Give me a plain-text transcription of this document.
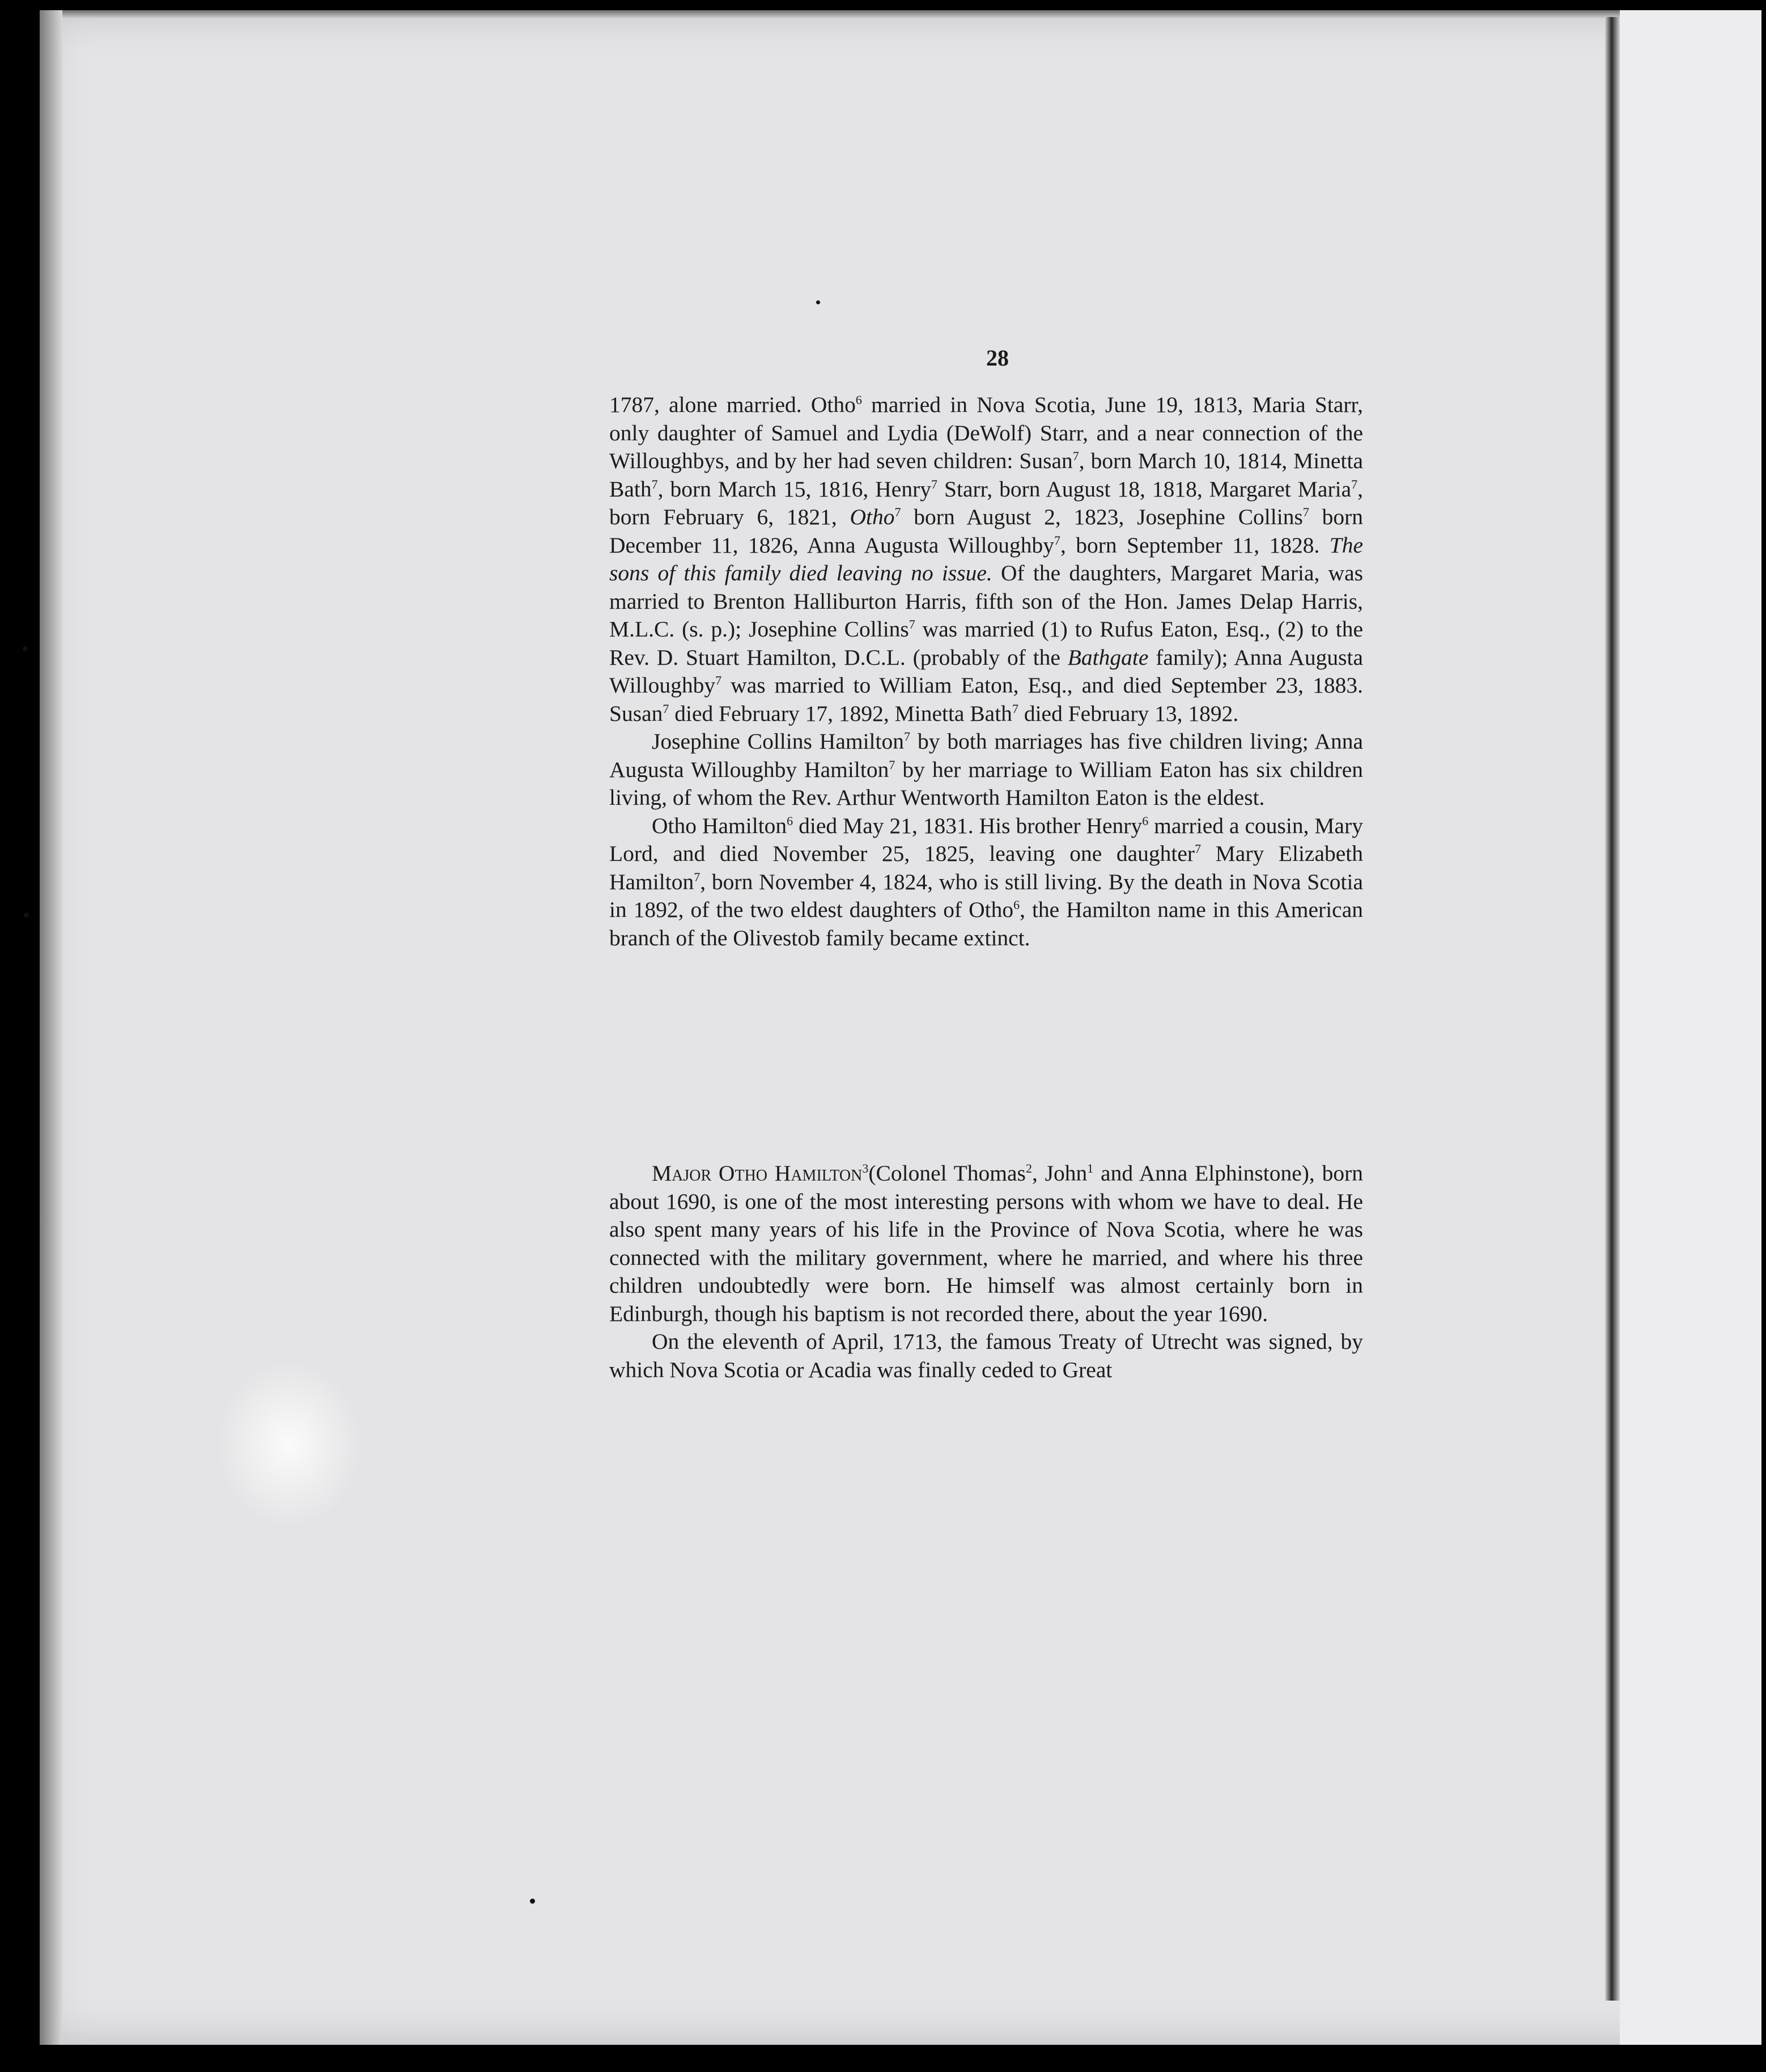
28

1787, alone married. Otho$^6$ married in Nova Scotia, June 19, 1813, Maria Starr, only daughter of Samuel and Lydia (DeWolf) Starr, and a near connection of the Willoughbys, and by her had seven children: Susan$^7$, born March 10, 1814, Minetta Bath$^7$, born March 15, 1816, Henry$^7$ Starr, born August 18, 1818, Margaret Maria$^7$, born February 6, 1821, Otho$^7$ born August 2, 1823, Josephine Collins$^7$ born December 11, 1826, Anna Augusta Willoughby$^7$, born September 11, 1828. The sons of this family died leaving no issue. Of the daughters, Margaret Maria, was married to Brenton Halliburton Harris, fifth son of the Hon. James Delap Harris, M.L.C. (s. p.); Josephine Collins$^7$ was married (1) to Rufus Eaton, Esq., (2) to the Rev. D. Stuart Hamilton, D.C.L. (probably of the Bathgate family); Anna Augusta Willoughby$^7$ was married to William Eaton, Esq., and died September 23, 1883. Susan$^7$ died February 17, 1892, Minetta Bath$^7$ died February 13, 1892.

Josephine Collins Hamilton$^7$ by both marriages has five children living; Anna Augusta Willoughby Hamilton$^7$ by her marriage to William Eaton has six children living, of whom the Rev. Arthur Wentworth Hamilton Eaton is the eldest.

Otho Hamilton$^6$ died May 21, 1831. His brother Henry$^6$ married a cousin, Mary Lord, and died November 25, 1825, leaving one daughter$^7$ Mary Elizabeth Hamilton$^7$, born November 4, 1824, who is still living. By the death in Nova Scotia in 1892, of the two eldest daughters of Otho$^6$, the Hamilton name in this American branch of the Olivestob family became extinct.

Major Otho Hamilton$^3$(Colonel Thomas$^2$, John$^1$ and Anna Elphinstone), born about 1690, is one of the most interesting persons with whom we have to deal. He also spent many years of his life in the Province of Nova Scotia, where he was connected with the military government, where he married, and where his three children undoubtedly were born. He himself was almost certainly born in Edinburgh, though his baptism is not recorded there, about the year 1690.

On the eleventh of April, 1713, the famous Treaty of Utrecht was signed, by which Nova Scotia or Acadia was finally ceded to Great
